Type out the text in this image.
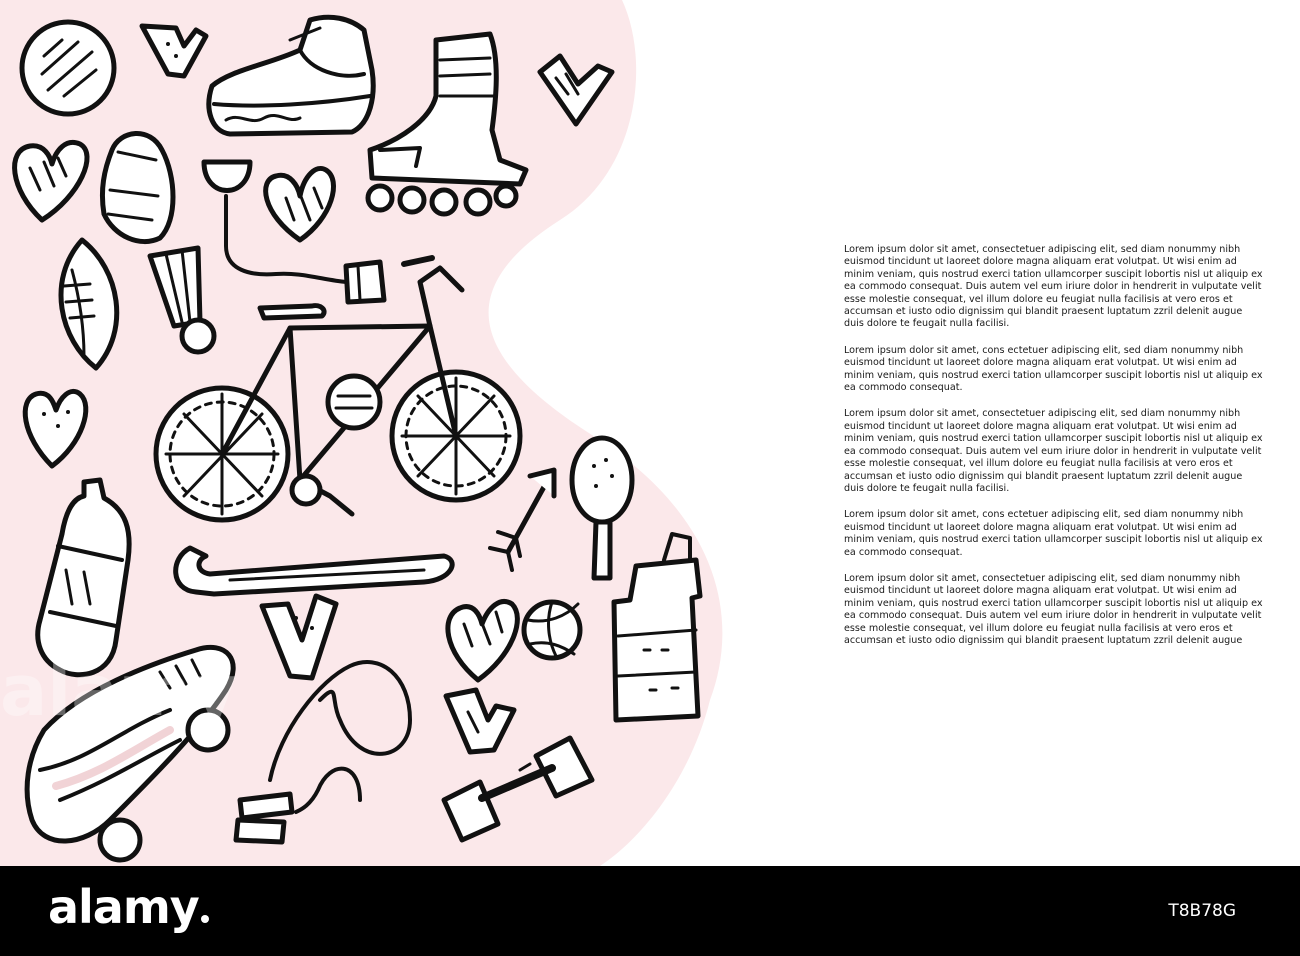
alamy

Lorem ipsum dolor sit amet, consectetuer adipiscing elit, sed diam nonummy nibh euismod tincidunt ut laoreet dolore magna aliquam erat volutpat. Ut wisi enim ad minim veniam, quis nostrud exerci tation ullamcorper suscipit lobortis nisl ut aliquip ex ea commodo consequat. Duis autem vel eum iriure dolor in hendrerit in vulputate velit esse molestie consequat, vel illum dolore eu feugiat nulla facilisis at vero eros et accumsan et iusto odio dignissim qui blandit praesent luptatum zzril delenit augue duis dolore te feugait nulla facilisi.

Lorem ipsum dolor sit amet, cons ectetuer adipiscing elit, sed diam nonummy nibh euismod tincidunt ut laoreet dolore magna aliquam erat volutpat. Ut wisi enim ad minim veniam, quis nostrud exerci tation ullamcorper suscipit lobortis nisl ut aliquip ex ea commodo consequat.

Lorem ipsum dolor sit amet, consectetuer adipiscing elit, sed diam nonummy nibh euismod tincidunt ut laoreet dolore magna aliquam erat volutpat. Ut wisi enim ad minim veniam, quis nostrud exerci tation ullamcorper suscipit lobortis nisl ut aliquip ex ea commodo consequat. Duis autem vel eum iriure dolor in hendrerit in vulputate velit esse molestie consequat, vel illum dolore eu feugiat nulla facilisis at vero eros et accumsan et iusto odio dignissim qui blandit praesent luptatum zzril delenit augue duis dolore te feugait nulla facilisi.

Lorem ipsum dolor sit amet, cons ectetuer adipiscing elit, sed diam nonummy nibh euismod tincidunt ut laoreet dolore magna aliquam erat volutpat. Ut wisi enim ad minim veniam, quis nostrud exerci tation ullamcorper suscipit lobortis nisl ut aliquip ex ea commodo consequat.

Lorem ipsum dolor sit amet, consectetuer adipiscing elit, sed diam nonummy nibh euismod tincidunt ut laoreet dolore magna aliquam erat volutpat. Ut wisi enim ad minim veniam, quis nostrud exerci tation ullamcorper suscipit lobortis nisl ut aliquip ex ea commodo consequat. Duis autem vel eum iriure dolor in hendrerit in vulputate velit esse molestie consequat, vel illum dolore eu feugiat nulla facilisis at vero eros et accumsan et iusto odio dignissim qui blandit praesent luptatum zzril delenit augue

alamy	T8B78G
